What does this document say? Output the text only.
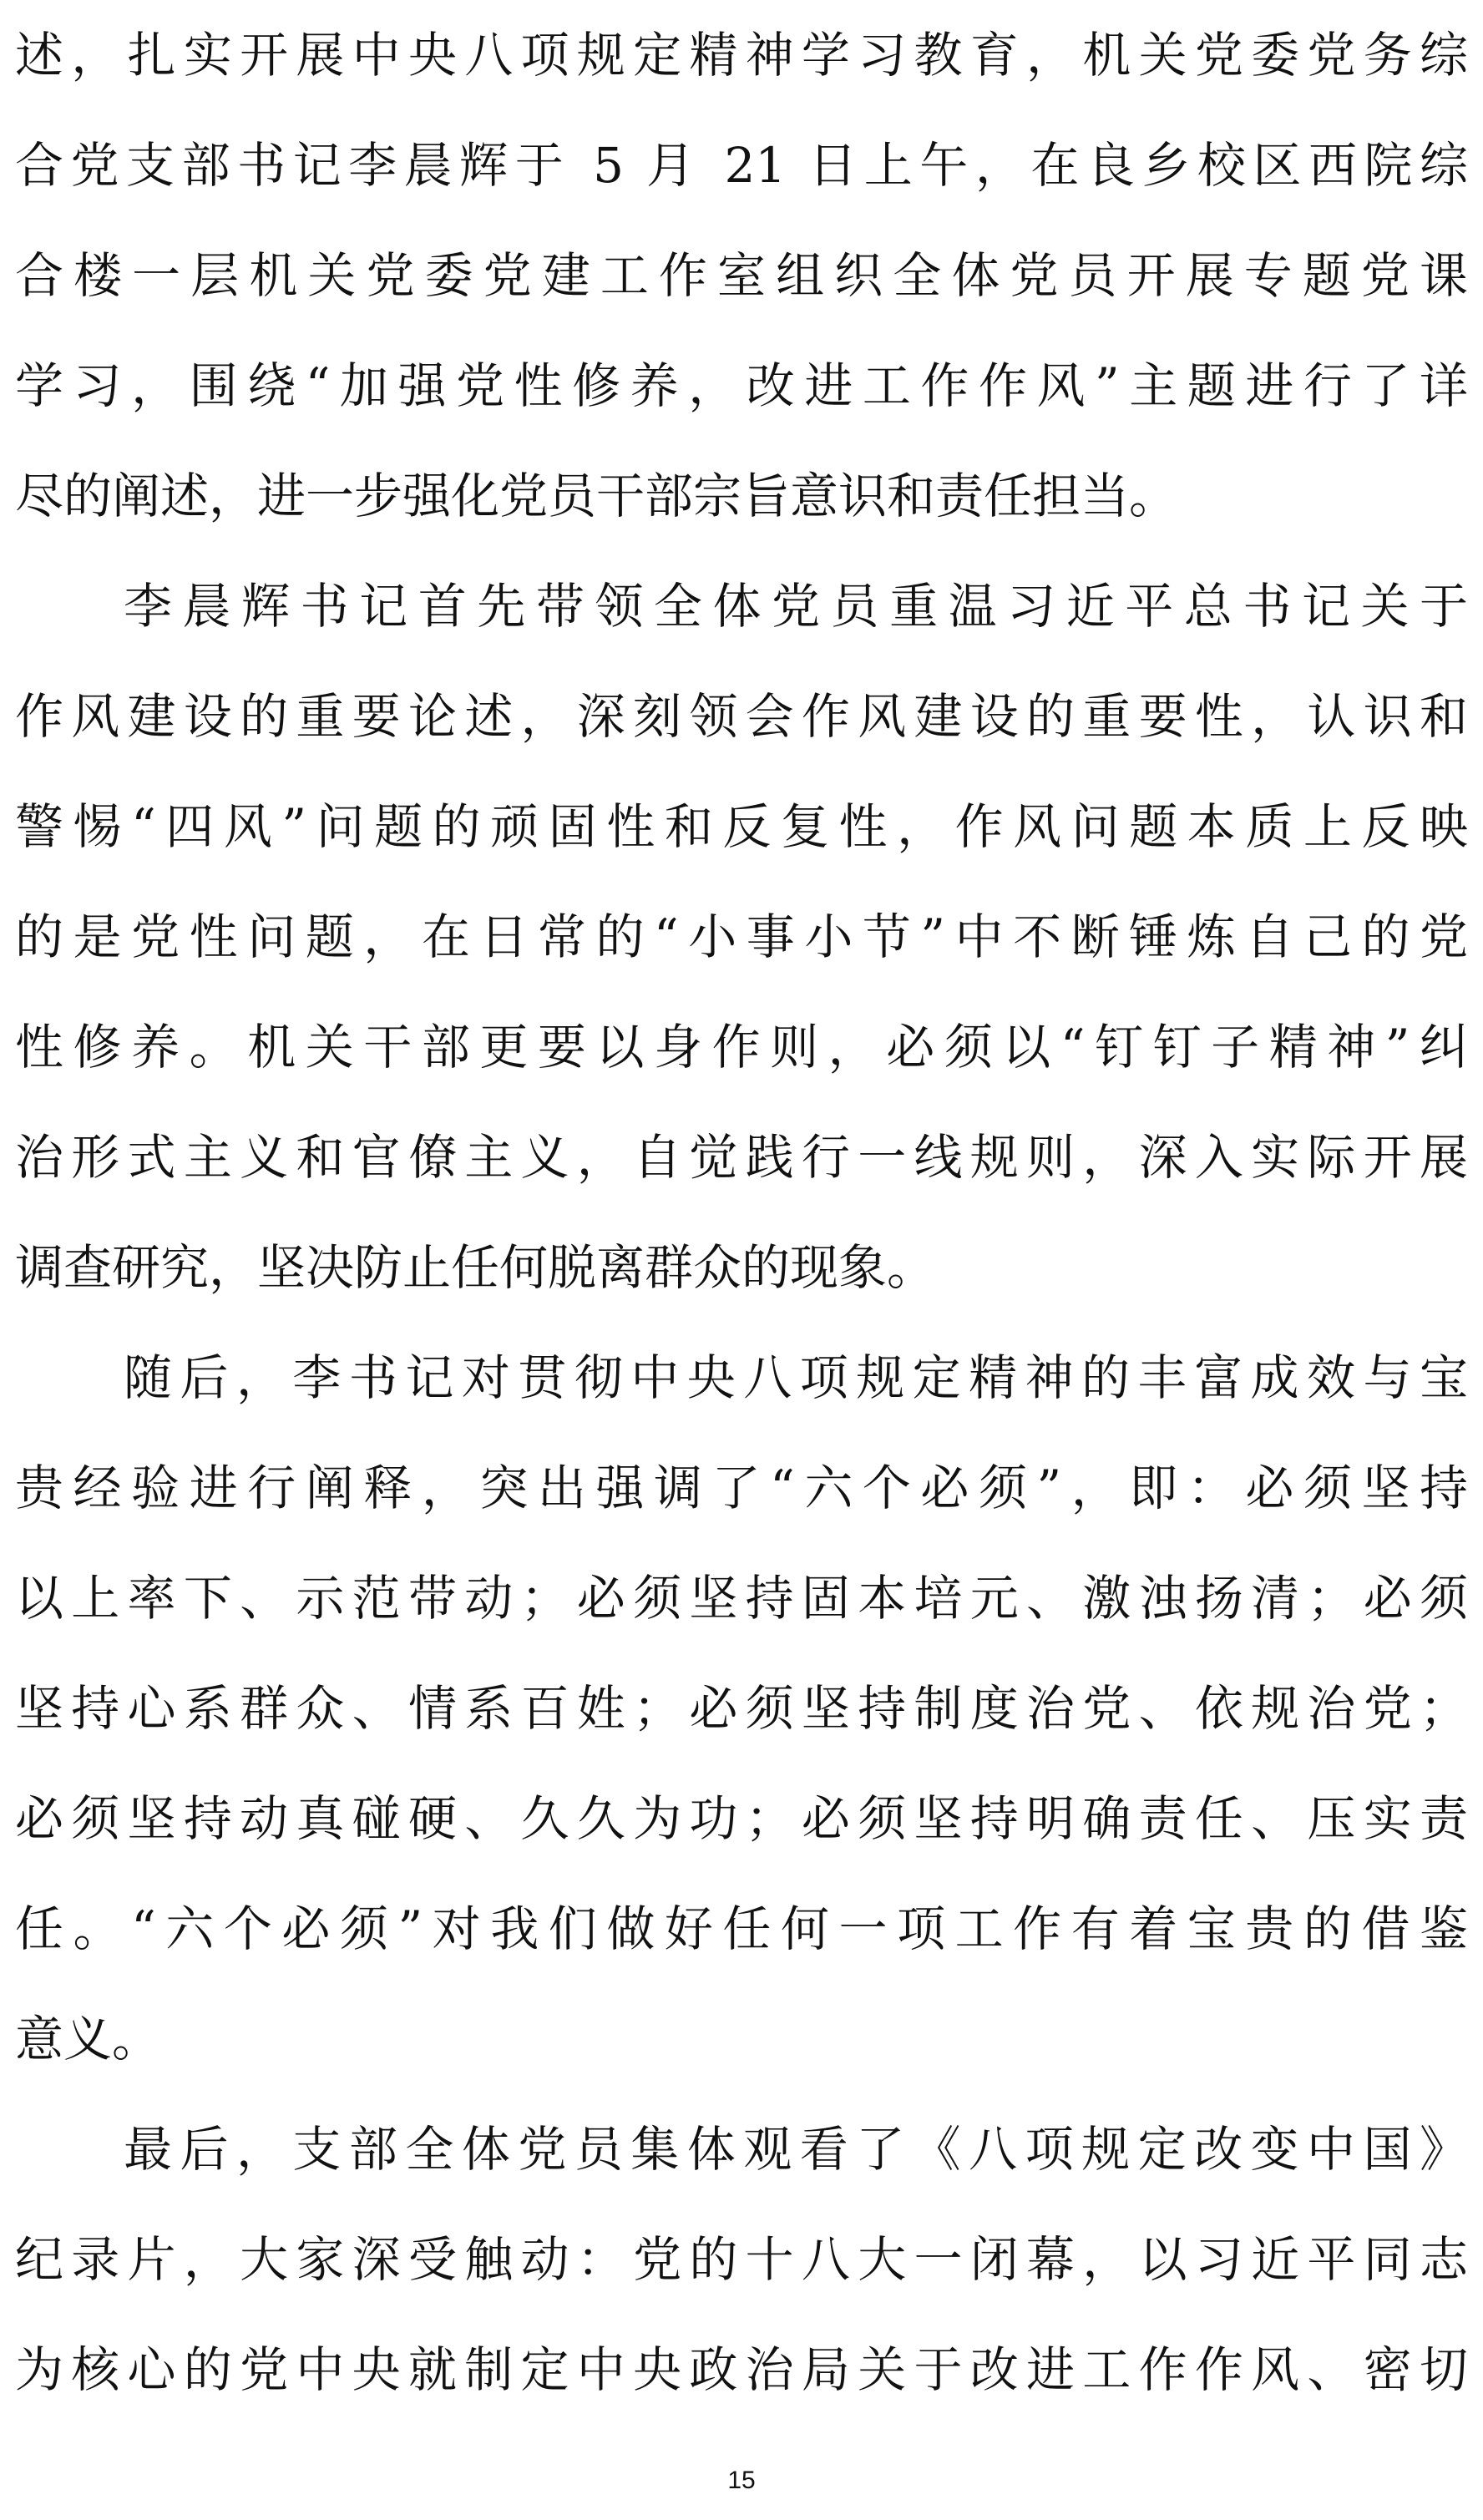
述，扎实开展中央八项规定精神学习教育，机关党委党务综
合党支部书记李晨辉于 5 月 21 日上午，在良乡校区西院综
合楼一层机关党委党建工作室组织全体党员开展专题党课
学习，围绕“加强党性修养，改进工作作风”主题进行了详
尽的阐述，进一步强化党员干部宗旨意识和责任担当。
李晨辉书记首先带领全体党员重温习近平总书记关于
作风建设的重要论述，深刻领会作风建设的重要性，认识和
警惕“四风”问题的顽固性和反复性，作风问题本质上反映
的是党性问题，在日常的“小事小节”中不断锤炼自己的党
性修养。机关干部更要以身作则，必须以“钉钉子精神”纠
治形式主义和官僚主义，自觉践行一线规则，深入实际开展
调查研究，坚决防止任何脱离群众的现象。
随后，李书记对贯彻中央八项规定精神的丰富成效与宝
贵经验进行阐释，突出强调了“六个必须”，即：必须坚持
以上率下、示范带动；必须坚持固本培元、激浊扬清；必须
坚持心系群众、情系百姓；必须坚持制度治党、依规治党；
必须坚持动真碰硬、久久为功；必须坚持明确责任、压实责
任。“六个必须”对我们做好任何一项工作有着宝贵的借鉴
意义。
最后，支部全体党员集体观看了《八项规定改变中国》
纪录片，大家深受触动：党的十八大一闭幕，以习近平同志
为核心的党中央就制定中央政治局关于改进工作作风、密切
15
